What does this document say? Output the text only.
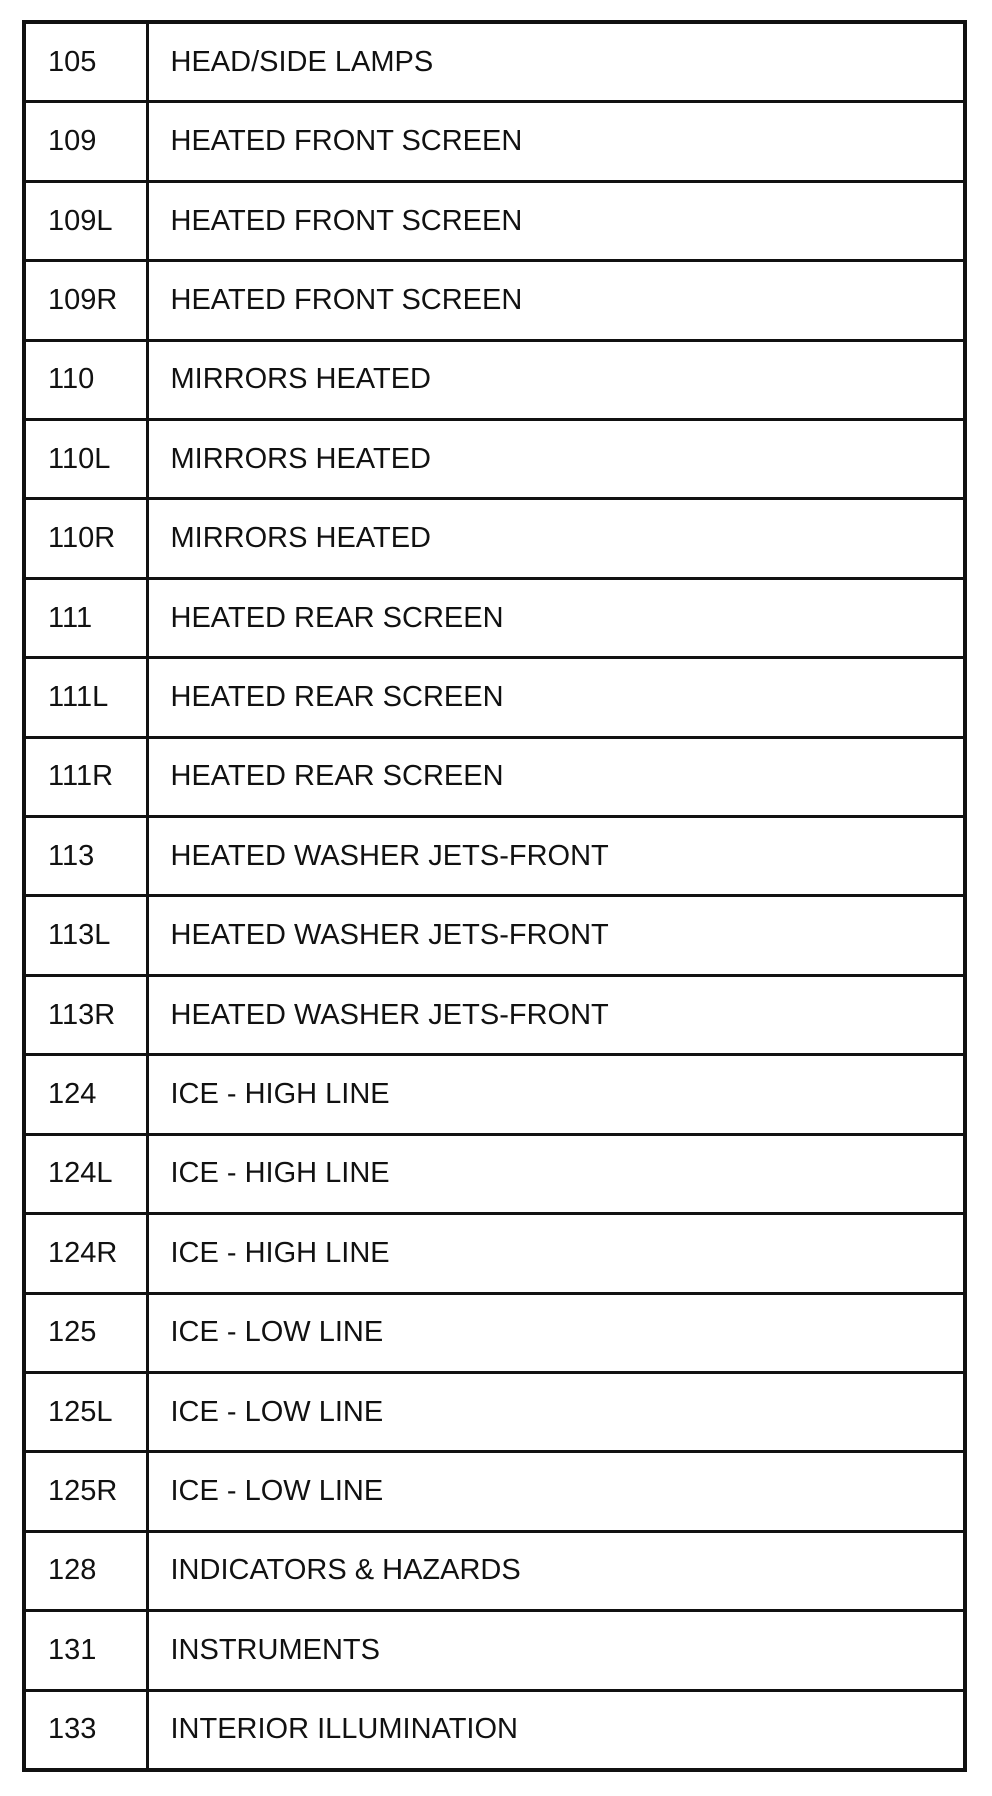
105	HEAD/SIDE LAMPS
109	HEATED FRONT SCREEN
109L	HEATED FRONT SCREEN
109R	HEATED FRONT SCREEN
110	MIRRORS HEATED
110L	MIRRORS HEATED
110R	MIRRORS HEATED
111	HEATED REAR SCREEN
111L	HEATED REAR SCREEN
111R	HEATED REAR SCREEN
113	HEATED WASHER JETS-FRONT
113L	HEATED WASHER JETS-FRONT
113R	HEATED WASHER JETS-FRONT
124	ICE - HIGH LINE
124L	ICE - HIGH LINE
124R	ICE - HIGH LINE
125	ICE - LOW LINE
125L	ICE - LOW LINE
125R	ICE - LOW LINE
128	INDICATORS & HAZARDS
131	INSTRUMENTS
133	INTERIOR ILLUMINATION
